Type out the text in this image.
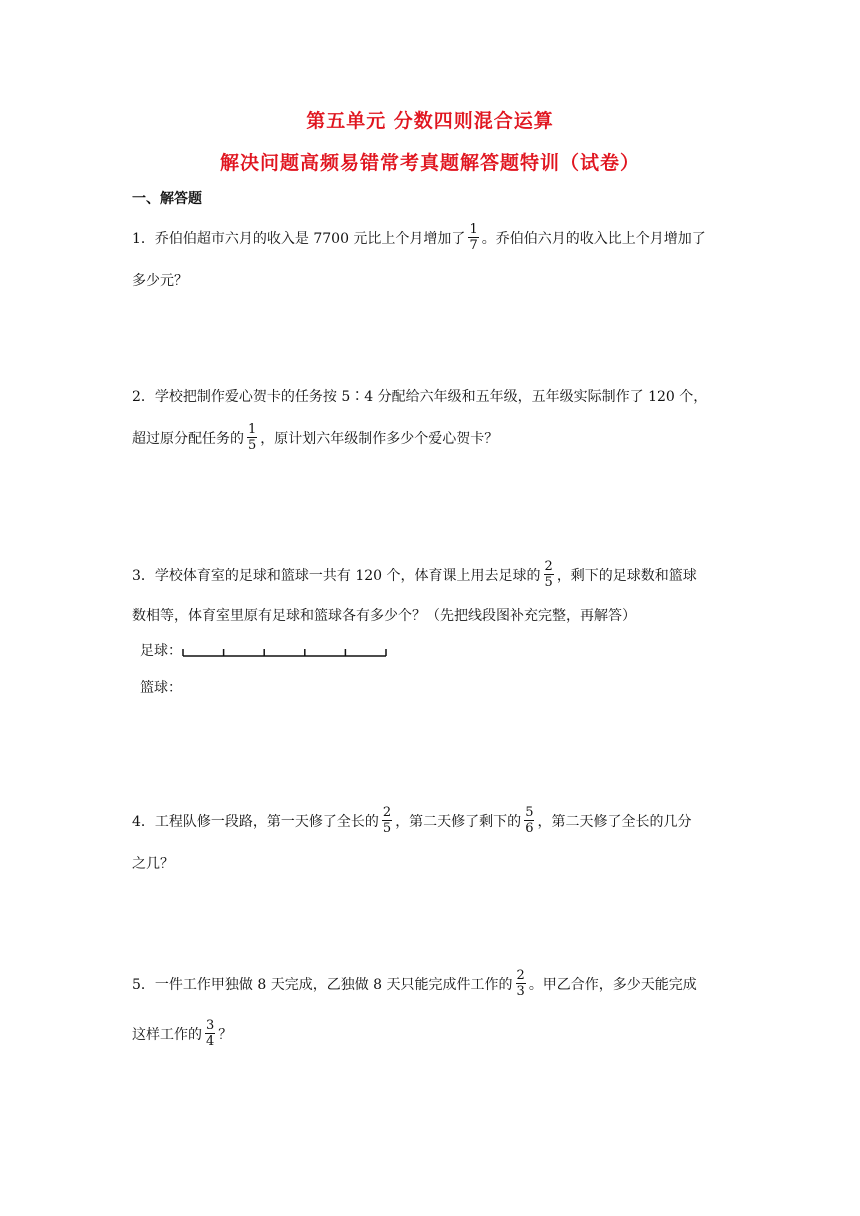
第五单元 分数四则混合运算
解决问题高频易错常考真题解答题特训（试卷）
一、解答题
1．乔伯伯超市六月的收入是 7700 元比上个月增加了 $\frac{1}{7}$ 。乔伯伯六月的收入比上个月增加了
多少元？
2．学校把制作爱心贺卡的任务按 5∶4 分配给六年级和五年级，五年级实际制作了 120 个，
超过原分配任务的 $\frac{1}{5}$ ，原计划六年级制作多少个爱心贺卡？
3．学校体育室的足球和篮球一共有 120 个，体育课上用去足球的 $\frac{2}{5}$ ，剩下的足球数和篮球
数相等，体育室里原有足球和篮球各有多少个？（先把线段图补充完整，再解答）
足球：
篮球：
4．工程队修一段路，第一天修了全长的 $\frac{2}{5}$ ，第二天修了剩下的 $\frac{5}{6}$ ，第二天修了全长的几分
之几？
5．一件工作甲独做 8 天完成，乙独做 8 天只能完成件工作的 $\frac{2}{3}$ 。甲乙合作，多少天能完成
这样工作的 $\frac{3}{4}$ ？
